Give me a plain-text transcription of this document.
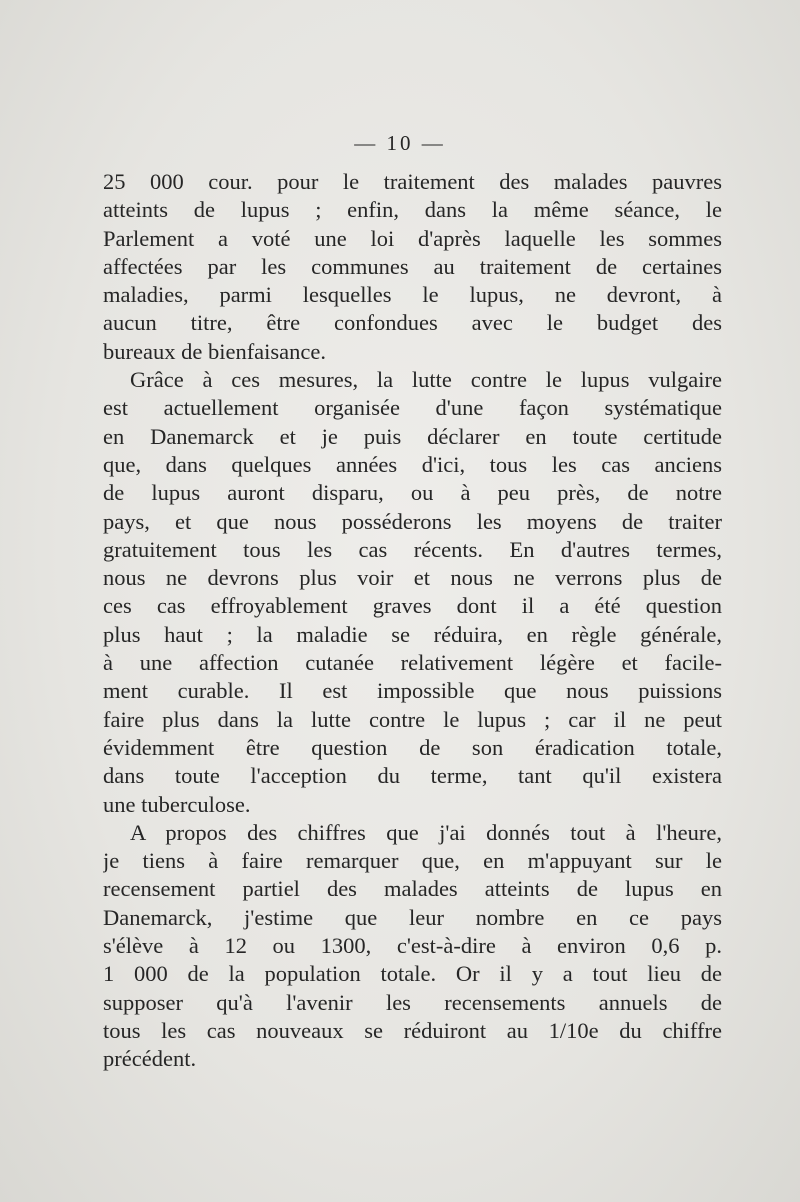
— 10 —
25 000 cour. pour le traitement des malades pauvres
atteints de lupus ; enfin, dans la même séance, le
Parlement a voté une loi d'après laquelle les sommes
affectées par les communes au traitement de certaines
maladies, parmi lesquelles le lupus, ne devront, à
aucun titre, être confondues avec le budget des
bureaux de bienfaisance.
Grâce à ces mesures, la lutte contre le lupus vulgaire
est actuellement organisée d'une façon systématique
en Danemarck et je puis déclarer en toute certitude
que, dans quelques années d'ici, tous les cas anciens
de lupus auront disparu, ou à peu près, de notre
pays, et que nous posséderons les moyens de traiter
gratuitement tous les cas récents. En d'autres termes,
nous ne devrons plus voir et nous ne verrons plus de
ces cas effroyablement graves dont il a été question
plus haut ; la maladie se réduira, en règle générale,
à une affection cutanée relativement légère et facile-
ment curable. Il est impossible que nous puissions
faire plus dans la lutte contre le lupus ; car il ne peut
évidemment être question de son éradication totale,
dans toute l'acception du terme, tant qu'il existera
une tuberculose.
A propos des chiffres que j'ai donnés tout à l'heure,
je tiens à faire remarquer que, en m'appuyant sur le
recensement partiel des malades atteints de lupus en
Danemarck, j'estime que leur nombre en ce pays
s'élève à 12 ou 1300, c'est-à-dire à environ 0,6 p.
1 000 de la population totale. Or il y a tout lieu de
supposer qu'à l'avenir les recensements annuels de
tous les cas nouveaux se réduiront au 1/10e du chiffre
précédent.
